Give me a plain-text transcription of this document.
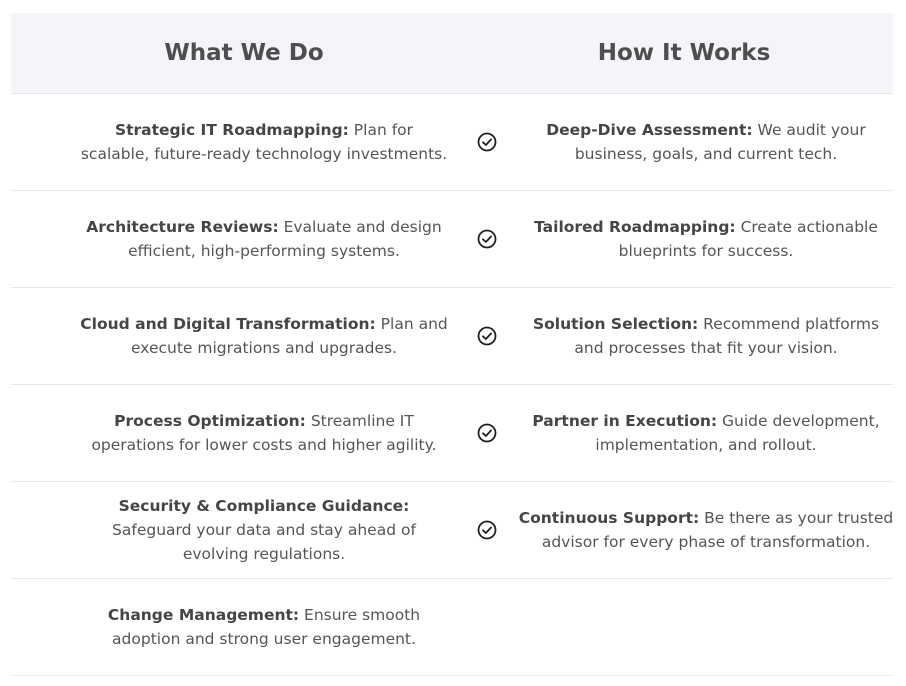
What We Do	How It Works

Strategic IT Roadmapping: Plan for scalable, future-ready technology investments.

Deep-Dive Assessment: We audit your business, goals, and current tech.

Architecture Reviews: Evaluate and design efficient, high-performing systems.

Tailored Roadmapping: Create actionable blueprints for success.

Cloud and Digital Transformation: Plan and execute migrations and upgrades.

Solution Selection: Recommend platforms and processes that fit your vision.

Process Optimization: Streamline IT operations for lower costs and higher agility.

Partner in Execution: Guide development, implementation, and rollout.

Security & Compliance Guidance: Safeguard your data and stay ahead of evolving regulations.

Continuous Support: Be there as your trusted advisor for every phase of transformation.

Change Management: Ensure smooth adoption and strong user engagement.
